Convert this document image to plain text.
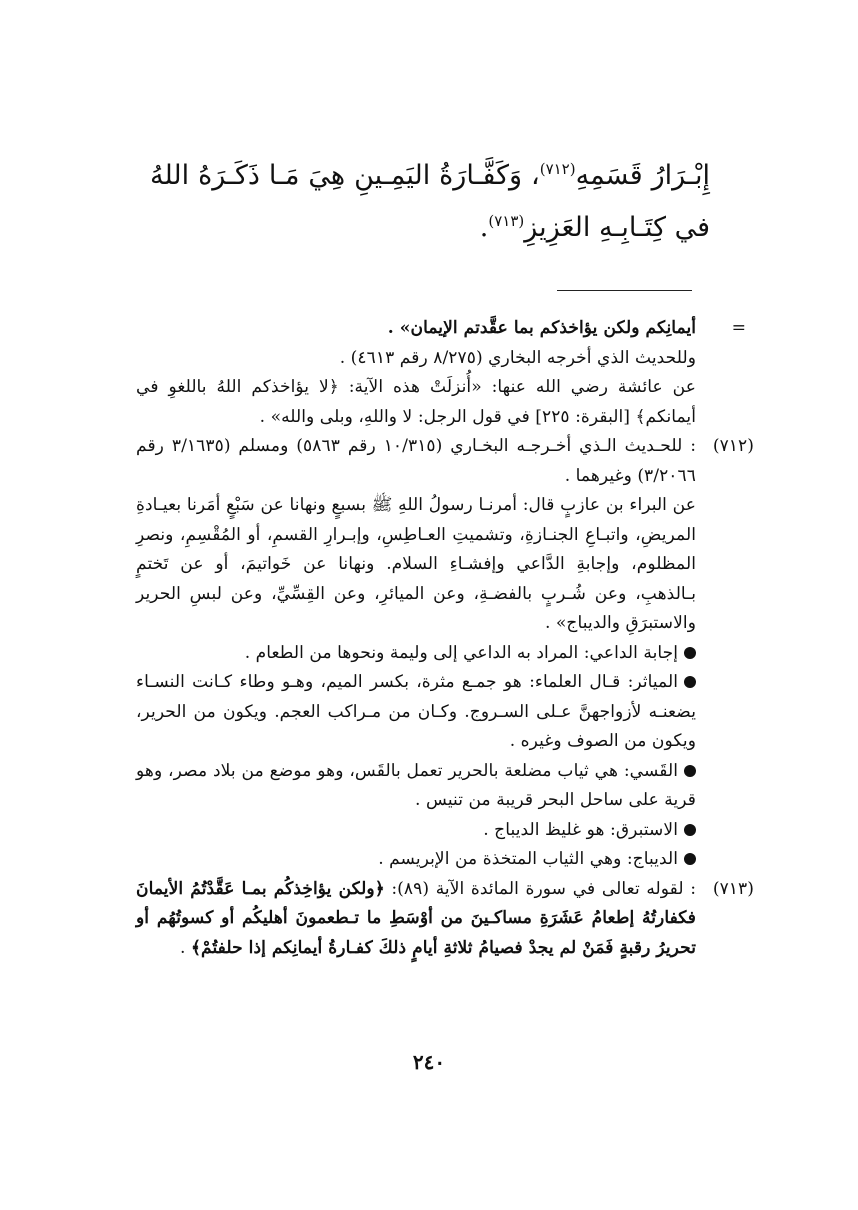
إِبْـرَارُ قَسَمِهِ$^{(٧١٢)}$، وَكَفَّـارَةُ اليَمِـينِ هِيَ مَـا ذَكَـرَهُ اللهُ في كِتَـابِـهِ العَزِيزِ$^{(٧١٣)}$.
=

أيمانِكم ولكن يؤاخذكم بما عقَّدتم الإيمان» .

وللحديث الذي أخرجه البخاري (٨/٢٧٥ رقم ٤٦١٣) .

عن عائشة رضي الله عنها: «أُنزلَتْ هذه الآية: ﴿لا يؤاخذكم اللهُ باللغوِ في أيمانكم﴾ [البقرة: ٢٢٥] في قول الرجل: لا واللهِ، وبلى والله» .

(٧١٢)

: للحـديث الـذي أخـرجـه البخـاري (١٠/٣١٥ رقم ٥٨٦٣) ومسلم (٣/١٦٣٥ رقم ٣/٢٠٦٦) وغيرهما .

عن البراء بن عازبٍ قال: أمرنـا رسولُ اللهِ ﷺ بسبعٍ ونهانا عن سَبْعٍ أمَرنا بعيـادةِ المريضِ، واتبـاعِ الجنـازةِ، وتشميتِ العـاطِسِ، وإبـرارِ القسمِ، أو المُقْسِمِ، ونصرِ المظلوم، وإجابةِ الدَّاعي وإفشـاءِ السلام. ونهانا عن خَواتيمَ، أو عن تَختمٍ بـالذهبِ، وعن شُـربٍ بالفضـةِ، وعن الميائرِ، وعن القِسِّيِّ، وعن لبسِ الحرير والاستبرَقِ والديباج» .

إجابة الداعي: المراد به الداعي إلى وليمة ونحوها من الطعام .

المياثر: قـال العلماء: هو جمـع مثرة، بكسر الميم، وهـو وطاء كـانت النسـاء يضعنـه لأزواجهنَّ عـلى السـروج. وكـان من مـراكب العجم. ويكون من الحرير، ويكون من الصوف وغيره .

القَسي: هي ثياب مضلعة بالحرير تعمل بالقَس، وهو موضع من بلاد مصر، وهو قرية على ساحل البحر قريبة من تنيس .

الاستبرق: هو غليظ الديباج .

الديباج: وهي الثياب المتخذة من الإبريسم .

(٧١٣)

: لقوله تعالى في سورة المائدة الآية (٨٩): ﴿ولكن يؤاخِذكُم بمـا عَقَّدْتُمُ الأيمانَ فكفارتُهُ إطعامُ عَشَرَةِ مساكـينَ من أوْسَطِ ما تـطعمونَ أهليكُم أو كسوتُهُم أو تحريرُ رقبةٍ فَمَنْ لم يجدْ فصيامُ ثلاثةِ أيامٍ ذلكَ كفـارةُ أيمانِكم إذا حلفتُمْ﴾ .

٢٤٠
